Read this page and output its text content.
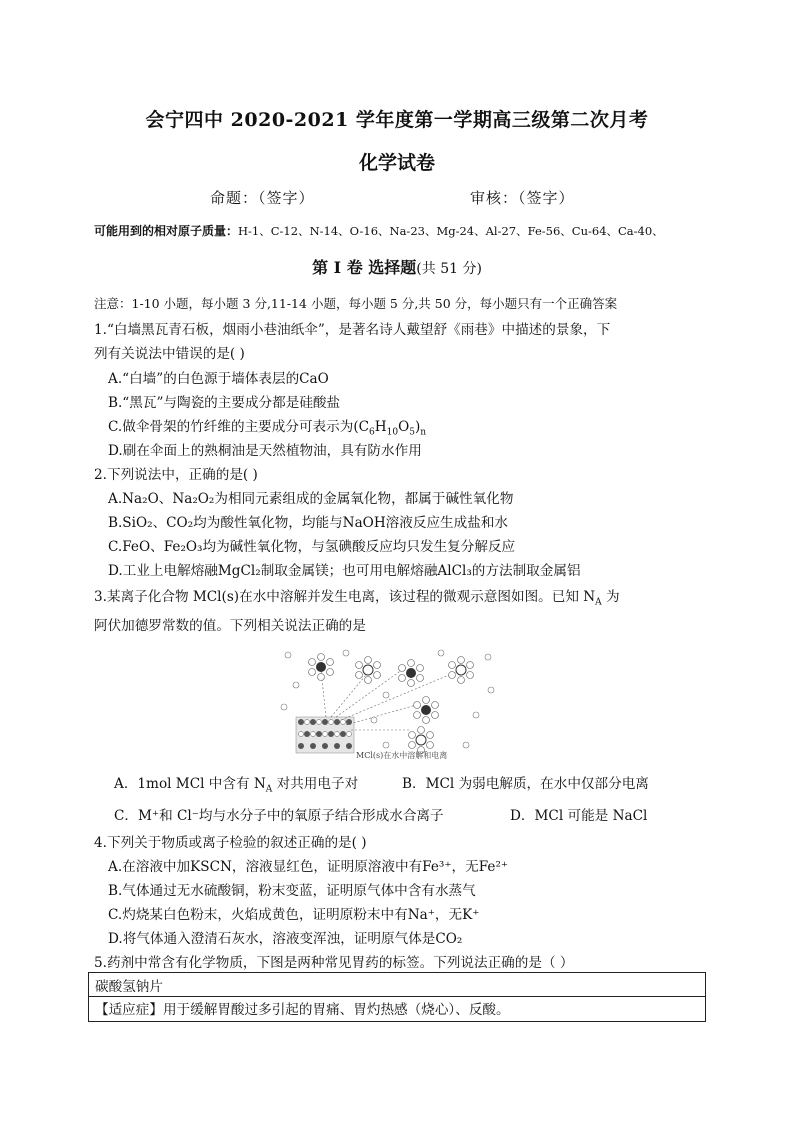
会宁四中 2020-2021 学年度第一学期高三级第二次月考
化学试卷
命题：（签字）	审核：（签字）
可能用到的相对原子质量：H-1、C-12、N-14、O-16、Na-23、Mg-24、Al-27、Fe-56、Cu-64、Ca-40、
第 I 卷 选择题(共 51 分)
注意：1-10 小题，每小题 3 分,11-14 小题，每小题 5 分,共 50 分，每小题只有一个正确答案
1.“白墙黑瓦青石板，烟雨小巷油纸伞”，是著名诗人戴望舒《雨巷》中描述的景象，下
列有关说法中错误的是( )
A.“白墙”的白色源于墙体表层的CaO
B.“黑瓦”与陶瓷的主要成分都是硅酸盐
C.做伞骨架的竹纤维的主要成分可表示为$(C_6H_{10}O_5)_n$
D.刷在伞面上的熟桐油是天然植物油，具有防水作用
2.下列说法中，正确的是( )
A.Na₂O、Na₂O₂为相同元素组成的金属氧化物，都属于碱性氧化物
B.SiO₂、CO₂均为酸性氧化物，均能与NaOH溶液反应生成盐和水
C.FeO、Fe₂O₃均为碱性氧化物，与氢碘酸反应均只发生复分解反应
D.工业上电解熔融MgCl₂制取金属镁；也可用电解熔融AlCl₃的方法制取金属铝
3.某离子化合物 MCl(s)在水中溶解并发生电离，该过程的微观示意图如图。已知 $N_A$ 为
阿伏加德罗常数的值。下列相关说法正确的是
MCl(s)在水中溶解和电离
A．1mol MCl 中含有 $N_A$ 对共用电子对	B．MCl 为弱电解质，在水中仅部分电离
C．M⁺和 Cl⁻均与水分子中的氧原子结合形成水合离子	D．MCl 可能是 NaCl
4.下列关于物质或离子检验的叙述正确的是( )
A.在溶液中加KSCN，溶液显红色，证明原溶液中有Fe³⁺，无Fe²⁺
B.气体通过无水硫酸铜，粉末变蓝，证明原气体中含有水蒸气
C.灼烧某白色粉末，火焰成黄色，证明原粉末中有Na⁺，无K⁺
D.将气体通入澄清石灰水，溶液变浑浊，证明原气体是CO₂
5.药剂中常含有化学物质，下图是两种常见胃药的标签。下列说法正确的是（ ）
碳酸氢钠片
【适应症】用于缓解胃酸过多引起的胃痛、胃灼热感（烧心）、反酸。
